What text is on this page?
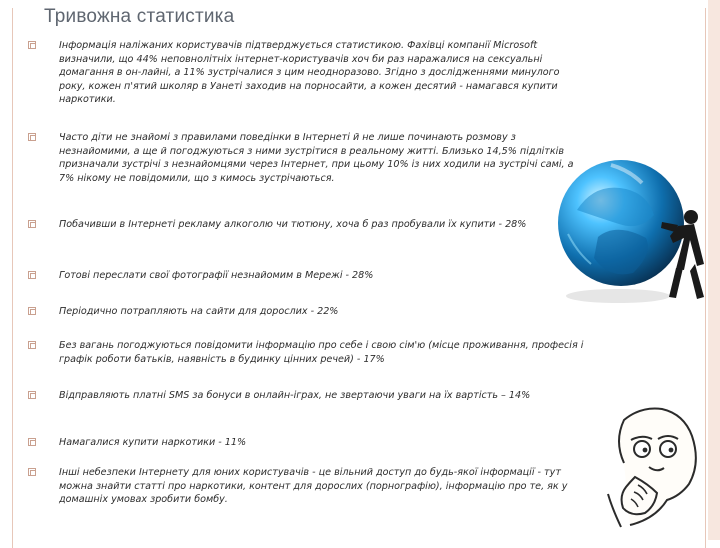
Тривожна статистика
Інформація наліжаних користувачів підтверджується статистикою. Фахівці компанії Microsoft визначили, що 44% неповнолітніх інтернет-користувачів хоч би раз наражалися на сексуальні домагання в он-лайні, а 11% зустрічалися з цим неодноразово. Згідно з дослідженнями минулого року, кожен п'ятий школяр в Уанеті заходив на порносайти, а кожен десятий - намагався купити наркотики.
Часто діти не знайомі з правилами поведінки в Інтернеті й не лише починають розмову з незнайомими, а ще й погоджуються з ними зустрітися в реальному житті. Близько 14,5% підлітків призначали зустрічі з незнайомцями через Інтернет, при цьому 10% із них ходили на зустрічі самі, а 7% нікому не повідомили, що з кимось зустрічаються.
Побачивши в Інтернеті рекламу алкоголю чи тютюну, хоча б раз пробували їх купити - 28%
Готові переслати свої фотографії незнайомим в Мережі - 28%
Періодично потрапляють на сайти для дорослих - 22%
Без вагань погоджуються повідомити інформацію про себе і свою сім'ю (місце проживання, професія і графік роботи батьків, наявність в будинку цінних речей) - 17%
Відправляють платні SMS за бонуси в онлайн-іграх, не звертаючи уваги на їх вартість – 14%
Намагалися купити наркотики - 11%
Інші небезпеки Інтернету для юних користувачів - це вільний доступ до будь-якої інформації - тут можна знайти статті про наркотики, контент для дорослих (порнографію), інформацію про те, як у домашніх умовах зробити бомбу.
